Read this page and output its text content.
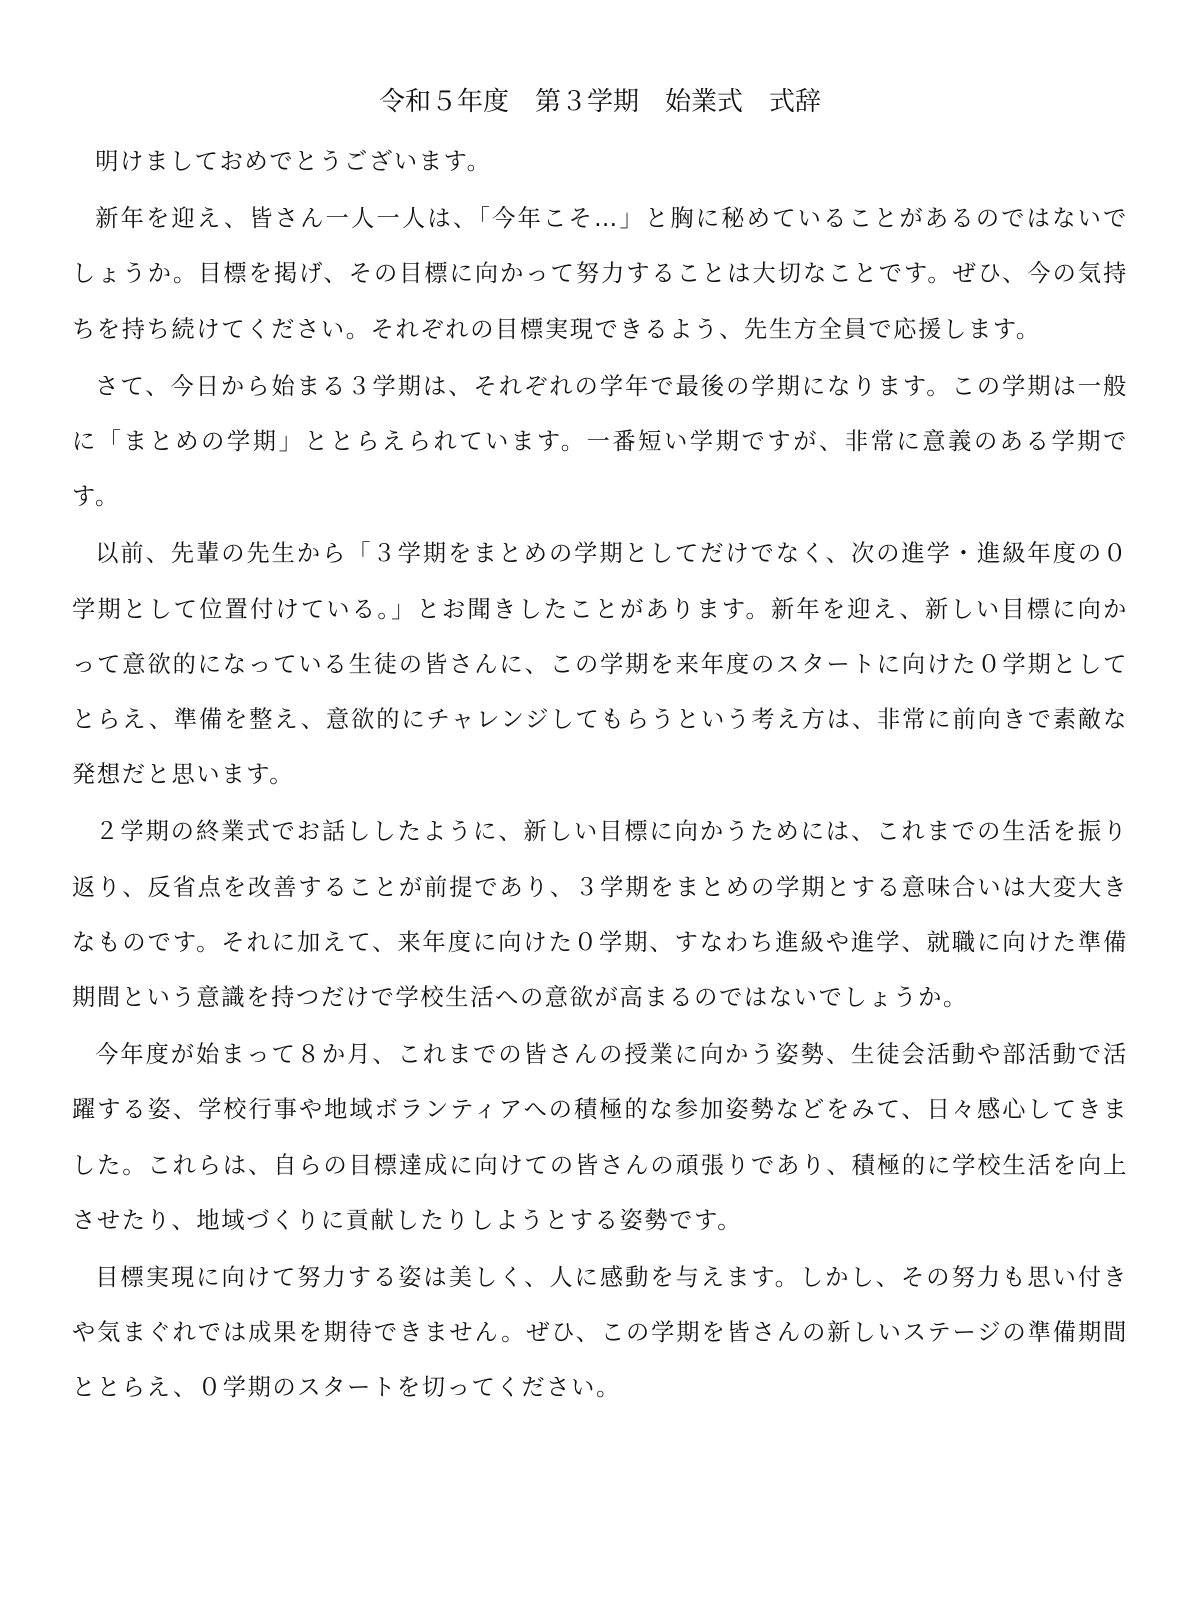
令和５年度　第３学期　始業式　式辞

明けましておめでとうございます。

新年を迎え、皆さん一人一人は、「今年こそ…」と胸に秘めていることがあるのではないでしょうか。目標を掲げ、その目標に向かって努力することは大切なことです。ぜひ、今の気持ちを持ち続けてください。それぞれの目標実現できるよう、先生方全員で応援します。

さて、今日から始まる３学期は、それぞれの学年で最後の学期になります。この学期は一般に「まとめの学期」ととらえられています。一番短い学期ですが、非常に意義のある学期です。

以前、先輩の先生から「３学期をまとめの学期としてだけでなく、次の進学・進級年度の０学期として位置付けている。」とお聞きしたことがあります。新年を迎え、新しい目標に向かって意欲的になっている生徒の皆さんに、この学期を来年度のスタートに向けた０学期としてとらえ、準備を整え、意欲的にチャレンジしてもらうという考え方は、非常に前向きで素敵な発想だと思います。

２学期の終業式でお話ししたように、新しい目標に向かうためには、これまでの生活を振り返り、反省点を改善することが前提であり、３学期をまとめの学期とする意味合いは大変大きなものです。それに加えて、来年度に向けた０学期、すなわち進級や進学、就職に向けた準備期間という意識を持つだけで学校生活への意欲が高まるのではないでしょうか。

今年度が始まって８か月、これまでの皆さんの授業に向かう姿勢、生徒会活動や部活動で活躍する姿、学校行事や地域ボランティアへの積極的な参加姿勢などをみて、日々感心してきました。これらは、自らの目標達成に向けての皆さんの頑張りであり、積極的に学校生活を向上させたり、地域づくりに貢献したりしようとする姿勢です。

目標実現に向けて努力する姿は美しく、人に感動を与えます。しかし、その努力も思い付きや気まぐれでは成果を期待できません。ぜひ、この学期を皆さんの新しいステージの準備期間ととらえ、０学期のスタートを切ってください。
